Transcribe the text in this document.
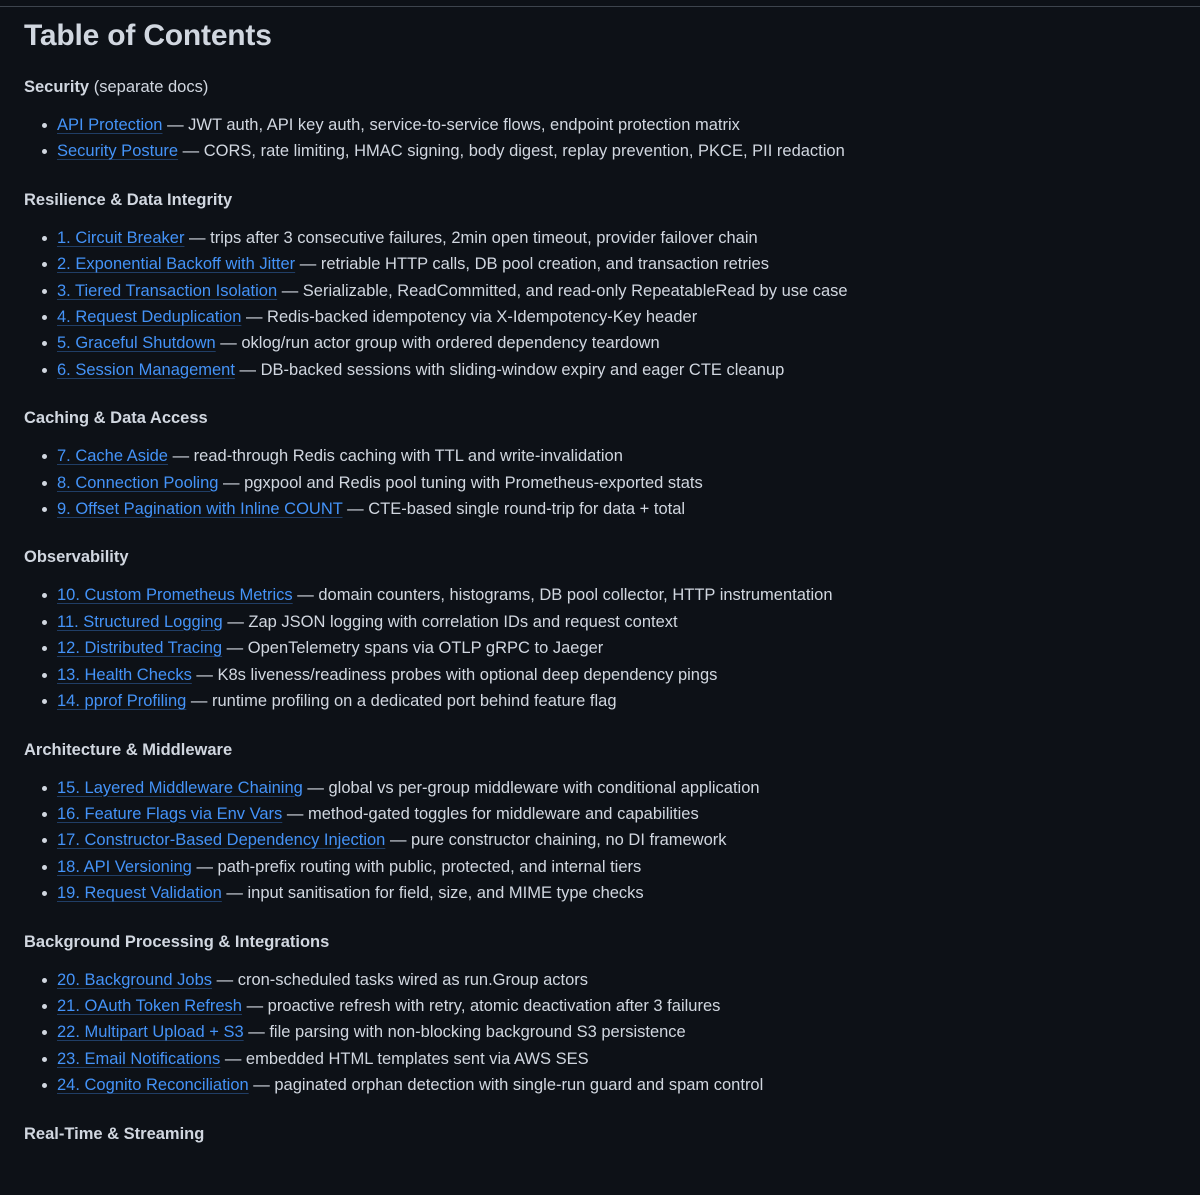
Table of Contents
Security (separate docs)
API Protection — JWT auth, API key auth, service-to-service flows, endpoint protection matrix
Security Posture — CORS, rate limiting, HMAC signing, body digest, replay prevention, PKCE, PII redaction
Resilience & Data Integrity
1. Circuit Breaker — trips after 3 consecutive failures, 2min open timeout, provider failover chain
2. Exponential Backoff with Jitter — retriable HTTP calls, DB pool creation, and transaction retries
3. Tiered Transaction Isolation — Serializable, ReadCommitted, and read-only RepeatableRead by use case
4. Request Deduplication — Redis-backed idempotency via X-Idempotency-Key header
5. Graceful Shutdown — oklog/run actor group with ordered dependency teardown
6. Session Management — DB-backed sessions with sliding-window expiry and eager CTE cleanup
Caching & Data Access
7. Cache Aside — read-through Redis caching with TTL and write-invalidation
8. Connection Pooling — pgxpool and Redis pool tuning with Prometheus-exported stats
9. Offset Pagination with Inline COUNT — CTE-based single round-trip for data + total
Observability
10. Custom Prometheus Metrics — domain counters, histograms, DB pool collector, HTTP instrumentation
11. Structured Logging — Zap JSON logging with correlation IDs and request context
12. Distributed Tracing — OpenTelemetry spans via OTLP gRPC to Jaeger
13. Health Checks — K8s liveness/readiness probes with optional deep dependency pings
14. pprof Profiling — runtime profiling on a dedicated port behind feature flag
Architecture & Middleware
15. Layered Middleware Chaining — global vs per-group middleware with conditional application
16. Feature Flags via Env Vars — method-gated toggles for middleware and capabilities
17. Constructor-Based Dependency Injection — pure constructor chaining, no DI framework
18. API Versioning — path-prefix routing with public, protected, and internal tiers
19. Request Validation — input sanitisation for field, size, and MIME type checks
Background Processing & Integrations
20. Background Jobs — cron-scheduled tasks wired as run.Group actors
21. OAuth Token Refresh — proactive refresh with retry, atomic deactivation after 3 failures
22. Multipart Upload + S3 — file parsing with non-blocking background S3 persistence
23. Email Notifications — embedded HTML templates sent via AWS SES
24. Cognito Reconciliation — paginated orphan detection with single-run guard and spam control
Real-Time & Streaming
